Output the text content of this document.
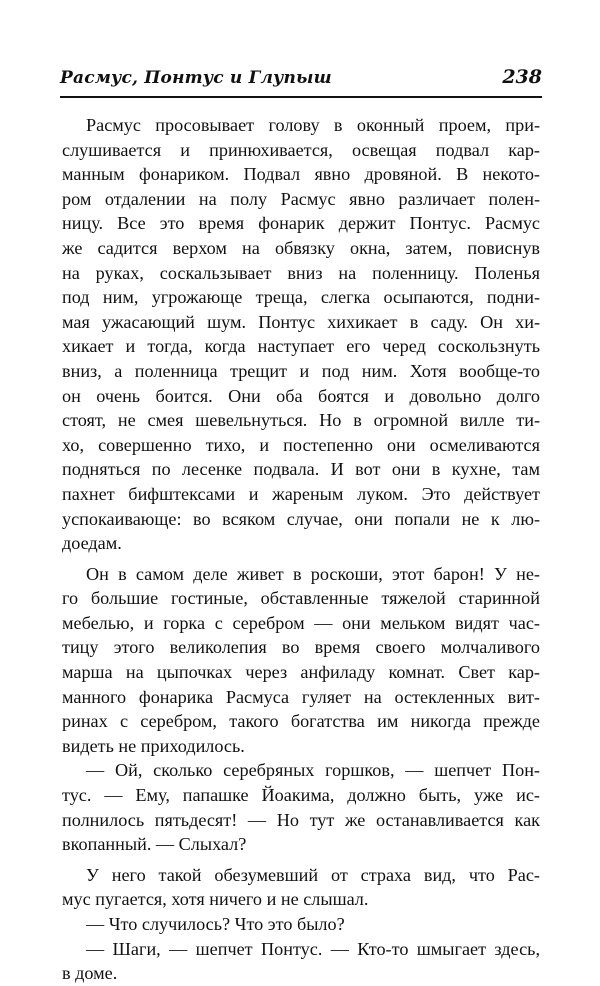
Расмус, Понтус и Глупыш	238
Расмус просовывает голову в оконный проем, при-
слушивается и принюхивается, освещая подвал кар-
манным фонариком. Подвал явно дровяной. В некото-
ром отдалении на полу Расмус явно различает полен-
ницу. Все это время фонарик держит Понтус. Расмус
же садится верхом на обвязку окна, затем, повиснув
на руках, соскальзывает вниз на поленницу. Поленья
под ним, угрожающе треща, слегка осыпаются, подни-
мая ужасающий шум. Понтус хихикает в саду. Он хи-
хикает и тогда, когда наступает его черед соскользнуть
вниз, а поленница трещит и под ним. Хотя вообще-то
он очень боится. Они оба боятся и довольно долго
стоят, не смея шевельнуться. Но в огромной вилле ти-
хо, совершенно тихо, и постепенно они осмеливаются
подняться по лесенке подвала. И вот они в кухне, там
пахнет бифштексами и жареным луком. Это действует
успокаивающе: во всяком случае, они попали не к лю-
доедам.
Он в самом деле живет в роскоши, этот барон! У не-
го большие гостиные, обставленные тяжелой старинной
мебелью, и горка с серебром — они мельком видят час-
тицу этого великолепия во время своего молчаливого
марша на цыпочках через анфиладу комнат. Свет кар-
манного фонарика Расмуса гуляет на остекленных вит-
ринах с серебром, такого богатства им никогда прежде
видеть не приходилось.
— Ой, сколько серебряных горшков, — шепчет Пон-
тус. — Ему, папашке Йоакима, должно быть, уже ис-
полнилось пятьдесят! — Но тут же останавливается как
вкопанный. — Слыхал?
У него такой обезумевший от страха вид, что Рас-
мус пугается, хотя ничего и не слышал.
— Что случилось? Что это было?
— Шаги, — шепчет Понтус. — Кто-то шмыгает здесь,
в доме.
